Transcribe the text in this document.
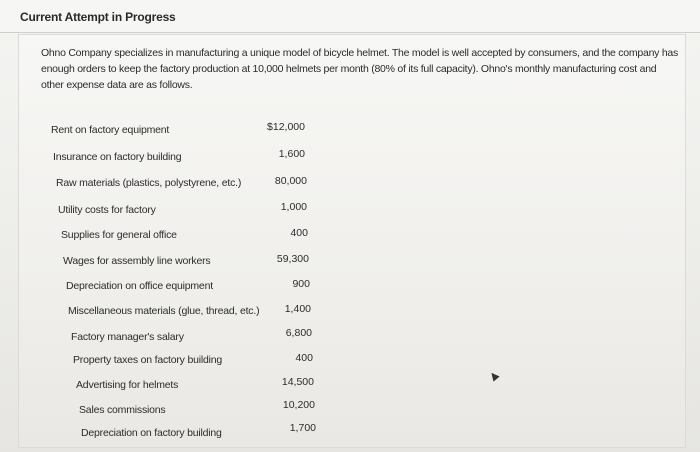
Current Attempt in Progress
Ohno Company specializes in manufacturing a unique model of bicycle helmet. The model is well accepted by consumers, and the company has enough orders to keep the factory production at 10,000 helmets per month (80% of its full capacity). Ohno's monthly manufacturing cost and other expense data are as follows.
Rent on factory equipment
Insurance on factory building
Raw materials (plastics, polystyrene, etc.)
Utility costs for factory
Supplies for general office
Wages for assembly line workers
Depreciation on office equipment
Miscellaneous materials (glue, thread, etc.)
Factory manager's salary
Property taxes on factory building
Advertising for helmets
Sales commissions
Depreciation on factory building
$12,000
1,600
80,000
1,000
400
59,300
900
1,400
6,800
400
14,500
10,200
1,700
